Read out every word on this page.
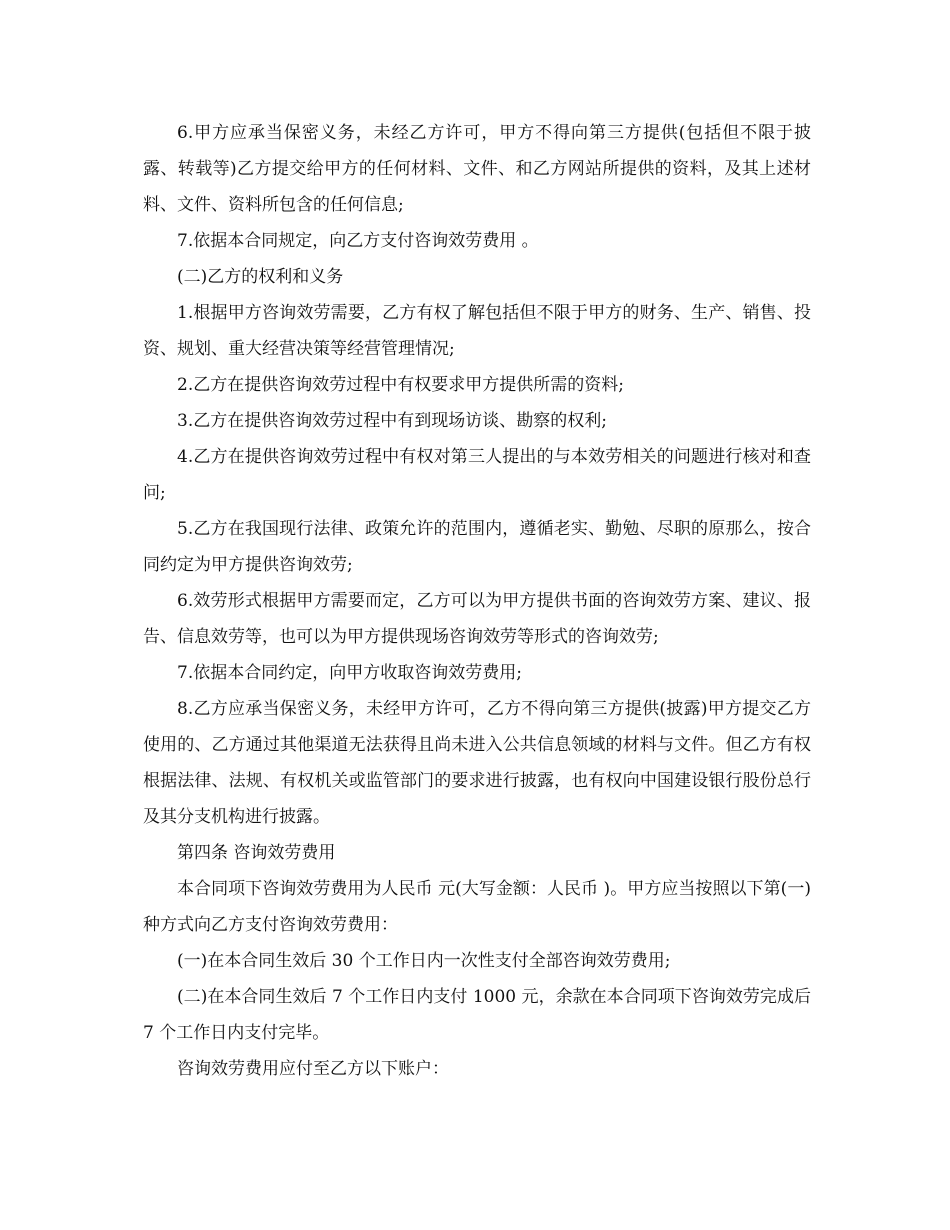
6.甲方应承当保密义务，未经乙方许可，甲方不得向第三方提供(包括但不限于披露、转载等)乙方提交给甲方的任何材料、文件、和乙方网站所提供的资料，及其上述材料、文件、资料所包含的任何信息;

7.依据本合同规定，向乙方支付咨询效劳费用 。

(二)乙方的权利和义务

1.根据甲方咨询效劳需要，乙方有权了解包括但不限于甲方的财务、生产、销售、投资、规划、重大经营决策等经营管理情况;

2.乙方在提供咨询效劳过程中有权要求甲方提供所需的资料;

3.乙方在提供咨询效劳过程中有到现场访谈、勘察的权利;

4.乙方在提供咨询效劳过程中有权对第三人提出的与本效劳相关的问题进行核对和查问;

5.乙方在我国现行法律、政策允许的范围内，遵循老实、勤勉、尽职的原那么，按合同约定为甲方提供咨询效劳;

6.效劳形式根据甲方需要而定，乙方可以为甲方提供书面的咨询效劳方案、建议、报告、信息效劳等，也可以为甲方提供现场咨询效劳等形式的咨询效劳;

7.依据本合同约定，向甲方收取咨询效劳费用;

8.乙方应承当保密义务，未经甲方许可，乙方不得向第三方提供(披露)甲方提交乙方使用的、乙方通过其他渠道无法获得且尚未进入公共信息领域的材料与文件。但乙方有权根据法律、法规、有权机关或监管部门的要求进行披露，也有权向中国建设银行股份总行及其分支机构进行披露。

第四条 咨询效劳费用

本合同项下咨询效劳费用为人民币 元(大写金额：人民币 )。甲方应当按照以下第(一) 种方式向乙方支付咨询效劳费用：

(一)在本合同生效后 30 个工作日内一次性支付全部咨询效劳费用;

(二)在本合同生效后 7 个工作日内支付 1000 元，余款在本合同项下咨询效劳完成后 7 个工作日内支付完毕。

咨询效劳费用应付至乙方以下账户：
